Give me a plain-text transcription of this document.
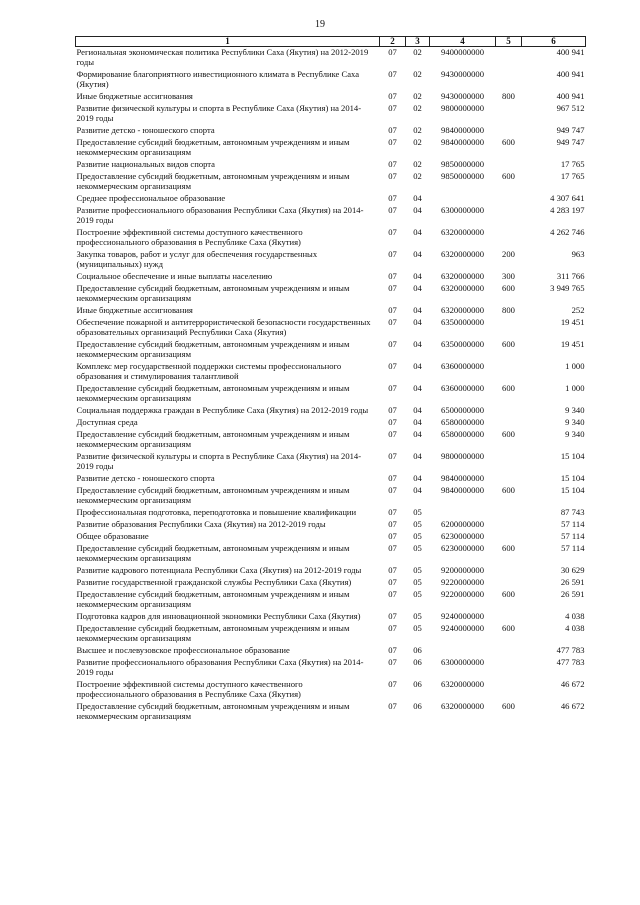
19
1	2	3	4	5	6
Региональная экономическая политика Республики Саха (Якутия) на 2012-2019 годы	07	02	9400000000		400 941
Формирование благоприятного инвестиционного климата в Республике Саха (Якутия)	07	02	9430000000		400 941
Иные бюджетные ассигнования	07	02	9430000000	800	400 941
Развитие физической культуры и спорта в Республике Саха (Якутия) на 2014-2019 годы	07	02	9800000000		967 512
Развитие детско - юношеского спорта	07	02	9840000000		949 747
Предоставление субсидий бюджетным, автономным учреждениям и иным некоммерческим организациям	07	02	9840000000	600	949 747
Развитие национальных видов спорта	07	02	9850000000		17 765
Предоставление субсидий бюджетным, автономным учреждениям и иным некоммерческим организациям	07	02	9850000000	600	17 765
Среднее профессиональное образование	07	04			4 307 641
Развитие профессионального образования Республики Саха (Якутия) на 2014-2019 годы	07	04	6300000000		4 283 197
Построение эффективной системы доступного качественного профессионального образования в Республике Саха (Якутия)	07	04	6320000000		4 262 746
Закупка товаров, работ и услуг для обеспечения государственных (муниципальных) нужд	07	04	6320000000	200	963
Социальное обеспечение и иные выплаты населению	07	04	6320000000	300	311 766
Предоставление субсидий бюджетным, автономным учреждениям и иным некоммерческим организациям	07	04	6320000000	600	3 949 765
Иные бюджетные ассигнования	07	04	6320000000	800	252
Обеспечение пожарной и антитеррористической безопасности государственных образовательных организаций Республики Саха (Якутия)	07	04	6350000000		19 451
Предоставление субсидий бюджетным, автономным учреждениям и иным некоммерческим организациям	07	04	6350000000	600	19 451
Комплекс мер государственной поддержки системы профессионального образования и стимулирования талантливой	07	04	6360000000		1 000
Предоставление субсидий бюджетным, автономным учреждениям и иным некоммерческим организациям	07	04	6360000000	600	1 000
Социальная поддержка граждан в Республике Саха (Якутия) на 2012-2019 годы	07	04	6500000000		9 340
Доступная среда	07	04	6580000000		9 340
Предоставление субсидий бюджетным, автономным учреждениям и иным некоммерческим организациям	07	04	6580000000	600	9 340
Развитие физической культуры и спорта в Республике Саха (Якутия) на 2014-2019 годы	07	04	9800000000		15 104
Развитие детско - юношеского спорта	07	04	9840000000		15 104
Предоставление субсидий бюджетным, автономным учреждениям и иным некоммерческим организациям	07	04	9840000000	600	15 104
Профессиональная подготовка, переподготовка и повышение квалификации	07	05			87 743
Развитие образования Республики Саха (Якутия) на 2012-2019 годы	07	05	6200000000		57 114
Общее образование	07	05	6230000000		57 114
Предоставление субсидий бюджетным, автономным учреждениям и иным некоммерческим организациям	07	05	6230000000	600	57 114
Развитие кадрового потенциала Республики Саха (Якутия) на 2012-2019 годы	07	05	9200000000		30 629
Развитие государственной гражданской службы Республики Саха (Якутия)	07	05	9220000000		26 591
Предоставление субсидий бюджетным, автономным учреждениям и иным некоммерческим организациям	07	05	9220000000	600	26 591
Подготовка кадров для инновационной экономики Республики Саха (Якутия)	07	05	9240000000		4 038
Предоставление субсидий бюджетным, автономным учреждениям и иным некоммерческим организациям	07	05	9240000000	600	4 038
Высшее и послевузовское профессиональное образование	07	06			477 783
Развитие профессионального образования Республики Саха (Якутия) на 2014-2019 годы	07	06	6300000000		477 783
Построение эффективной системы доступного качественного профессионального образования в Республике Саха (Якутия)	07	06	6320000000		46 672
Предоставление субсидий бюджетным, автономным учреждениям и иным некоммерческим организациям	07	06	6320000000	600	46 672
